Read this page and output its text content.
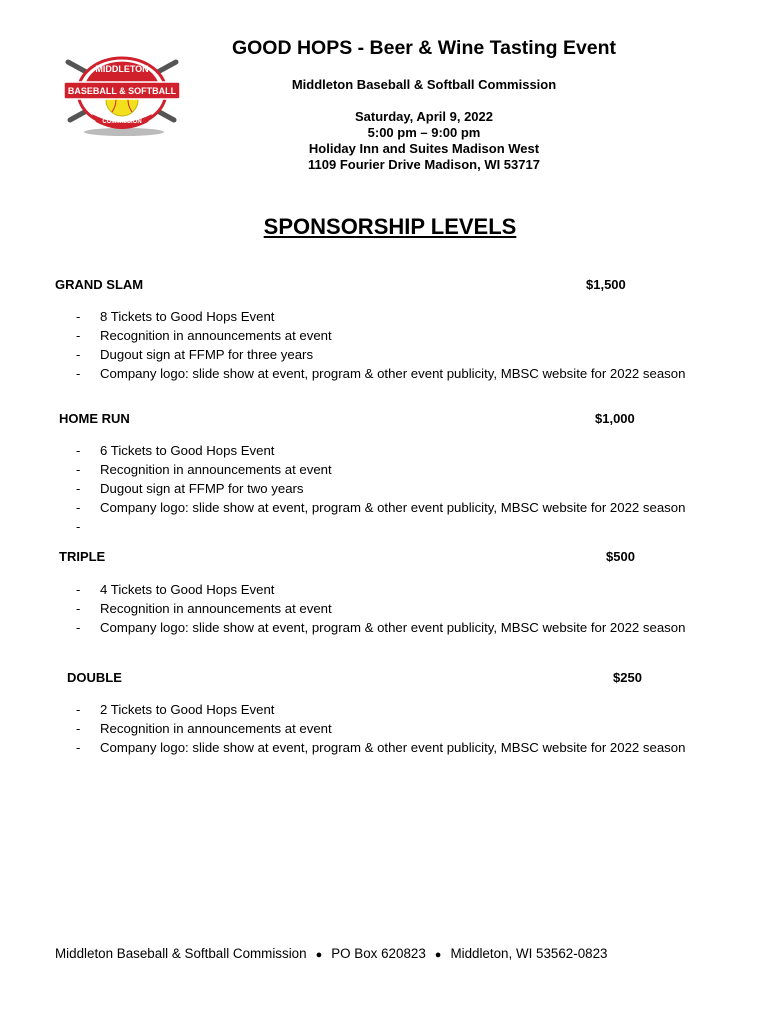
MIDDLETON
BASEBALL & SOFTBALL
COMMISSION
GOOD HOPS - Beer & Wine Tasting Event
Middleton Baseball & Softball Commission
Saturday, April 9, 2022
5:00 pm – 9:00 pm
Holiday Inn and Suites Madison West
1109 Fourier Drive Madison, WI 53717
SPONSORSHIP LEVELS
GRAND SLAM	$1,500
- 8 Tickets to Good Hops Event
- Recognition in announcements at event
- Dugout sign at FFMP for three years
- Company logo: slide show at event, program & other event publicity, MBSC website for 2022 season
HOME RUN	$1,000
- 6 Tickets to Good Hops Event
- Recognition in announcements at event
- Dugout sign at FFMP for two years
- Company logo: slide show at event, program & other event publicity, MBSC website for 2022 season
-
TRIPLE	$500
- 4 Tickets to Good Hops Event
- Recognition in announcements at event
- Company logo: slide show at event, program & other event publicity, MBSC website for 2022 season
DOUBLE	$250
- 2 Tickets to Good Hops Event
- Recognition in announcements at event
- Company logo: slide show at event, program & other event publicity, MBSC website for 2022 season
Middleton Baseball & Softball Commission ● PO Box 620823 ● Middleton, WI 53562-0823
